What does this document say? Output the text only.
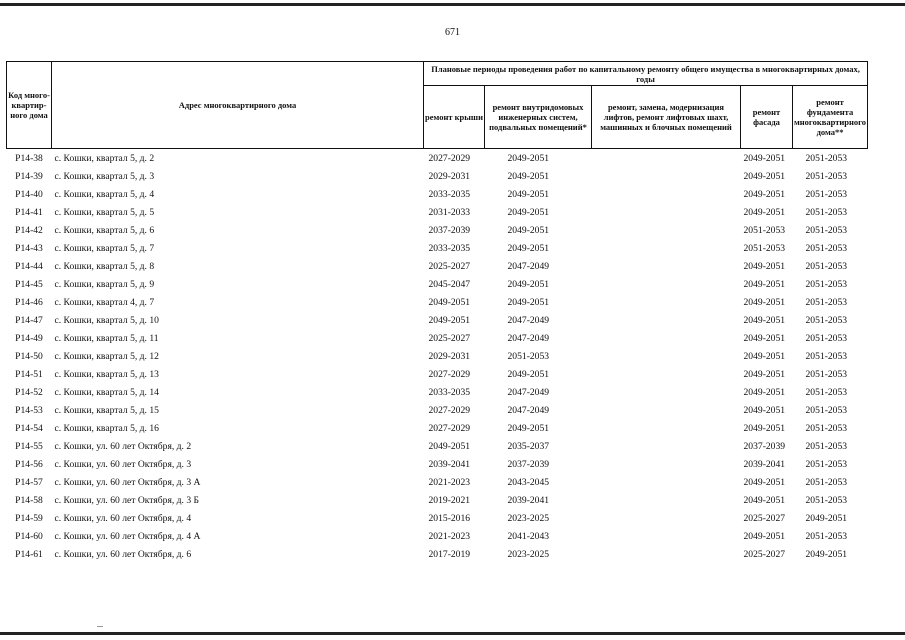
671
Код много-квартир-ного дома	Адрес многоквартирного дома	Плановые периоды проведения работ по капитальному ремонту общего имущества в многоквартирных домах, годы				
		ремонт крыши	ремонт внутридомовых инженерных систем, подвальных помещений*	ремонт, замена, модернизация лифтов, ремонт лифтовых шахт, машинных и блочных помещений	ремонт фасада	ремонт фундамента многоквартирного дома**
Р14-38	с. Кошки, квартал 5, д. 2	2027-2029	2049-2051		2049-2051	2051-2053
Р14-39	с. Кошки, квартал 5, д. 3	2029-2031	2049-2051		2049-2051	2051-2053
Р14-40	с. Кошки, квартал 5, д. 4	2033-2035	2049-2051		2049-2051	2051-2053
Р14-41	с. Кошки, квартал 5, д. 5	2031-2033	2049-2051		2049-2051	2051-2053
Р14-42	с. Кошки, квартал 5, д. 6	2037-2039	2049-2051		2051-2053	2051-2053
Р14-43	с. Кошки, квартал 5, д. 7	2033-2035	2049-2051		2051-2053	2051-2053
Р14-44	с. Кошки, квартал 5, д. 8	2025-2027	2047-2049		2049-2051	2051-2053
Р14-45	с. Кошки, квартал 5, д. 9	2045-2047	2049-2051		2049-2051	2051-2053
Р14-46	с. Кошки, квартал 4, д. 7	2049-2051	2049-2051		2049-2051	2051-2053
Р14-47	с. Кошки, квартал 5, д. 10	2049-2051	2047-2049		2049-2051	2051-2053
Р14-49	с. Кошки, квартал 5, д. 11	2025-2027	2047-2049		2049-2051	2051-2053
Р14-50	с. Кошки, квартал 5, д. 12	2029-2031	2051-2053		2049-2051	2051-2053
Р14-51	с. Кошки, квартал 5, д. 13	2027-2029	2049-2051		2049-2051	2051-2053
Р14-52	с. Кошки, квартал 5, д. 14	2033-2035	2047-2049		2049-2051	2051-2053
Р14-53	с. Кошки, квартал 5, д. 15	2027-2029	2047-2049		2049-2051	2051-2053
Р14-54	с. Кошки, квартал 5, д. 16	2027-2029	2049-2051		2049-2051	2051-2053
Р14-55	с. Кошки, ул. 60 лет Октября, д. 2	2049-2051	2035-2037		2037-2039	2051-2053
Р14-56	с. Кошки, ул. 60 лет Октября, д. 3	2039-2041	2037-2039		2039-2041	2051-2053
Р14-57	с. Кошки, ул. 60 лет Октября, д. 3 А	2021-2023	2043-2045		2049-2051	2051-2053
Р14-58	с. Кошки, ул. 60 лет Октября, д. 3 Б	2019-2021	2039-2041		2049-2051	2051-2053
Р14-59	с. Кошки, ул. 60 лет Октября, д. 4	2015-2016	2023-2025		2025-2027	2049-2051
Р14-60	с. Кошки, ул. 60 лет Октября, д. 4 А	2021-2023	2041-2043		2049-2051	2051-2053
Р14-61	с. Кошки, ул. 60 лет Октября, д. 6	2017-2019	2023-2025		2025-2027	2049-2051
